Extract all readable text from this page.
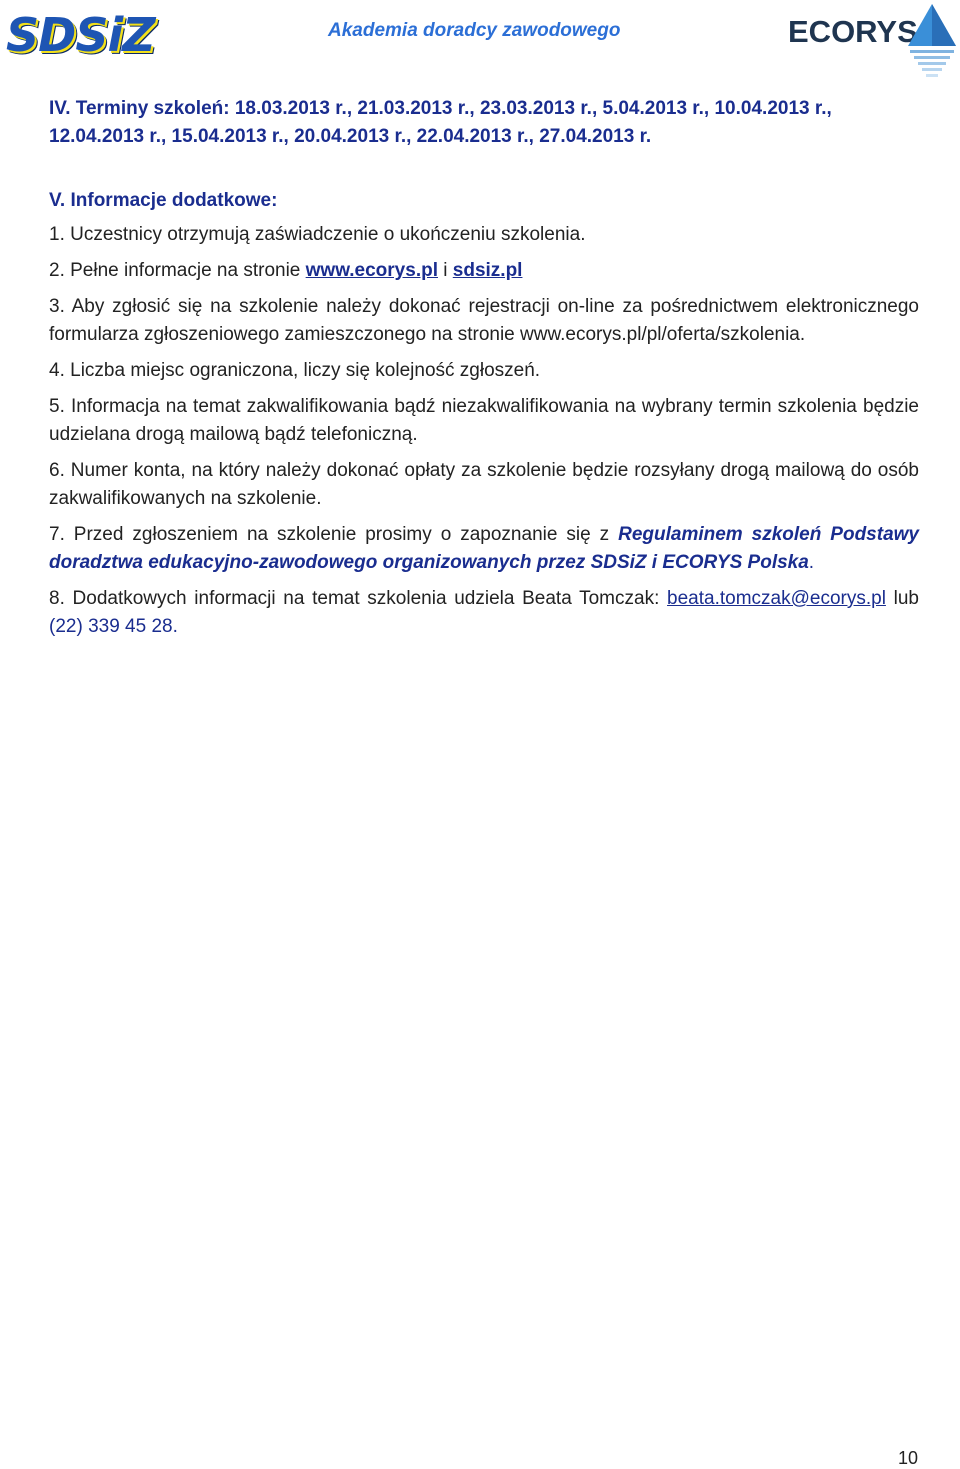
SDSiZ	Akademia doradcy zawodowego	ECORYS

IV. Terminy szkoleń: 18.03.2013 r., 21.03.2013 r., 23.03.2013 r., 5.04.2013 r., 10.04.2013 r., 12.04.2013 r., 15.04.2013 r., 20.04.2013 r., 22.04.2013 r., 27.04.2013 r.

V. Informacje dodatkowe:

1. Uczestnicy otrzymują zaświadczenie o ukończeniu szkolenia.

2. Pełne informacje na stronie www.ecorys.pl i sdsiz.pl

3. Aby zgłosić się na szkolenie należy dokonać rejestracji on-line za pośrednictwem elektronicznego formularza zgłoszeniowego zamieszczonego na stronie www.ecorys.pl/pl/oferta/szkolenia.

4. Liczba miejsc ograniczona, liczy się kolejność zgłoszeń.

5. Informacja na temat zakwalifikowania bądź niezakwalifikowania na wybrany termin szkolenia będzie udzielana drogą mailową bądź telefoniczną.

6. Numer konta, na który należy dokonać opłaty za szkolenie będzie rozsyłany drogą mailową do osób zakwalifikowanych na szkolenie.

7. Przed zgłoszeniem na szkolenie prosimy o zapoznanie się z Regulaminem szkoleń Podstawy doradztwa edukacyjno-zawodowego organizowanych przez SDSiZ i ECORYS Polska.

8. Dodatkowych informacji na temat szkolenia udziela Beata Tomczak: beata.tomczak@ecorys.pl lub (22) 339 45 28.

10
